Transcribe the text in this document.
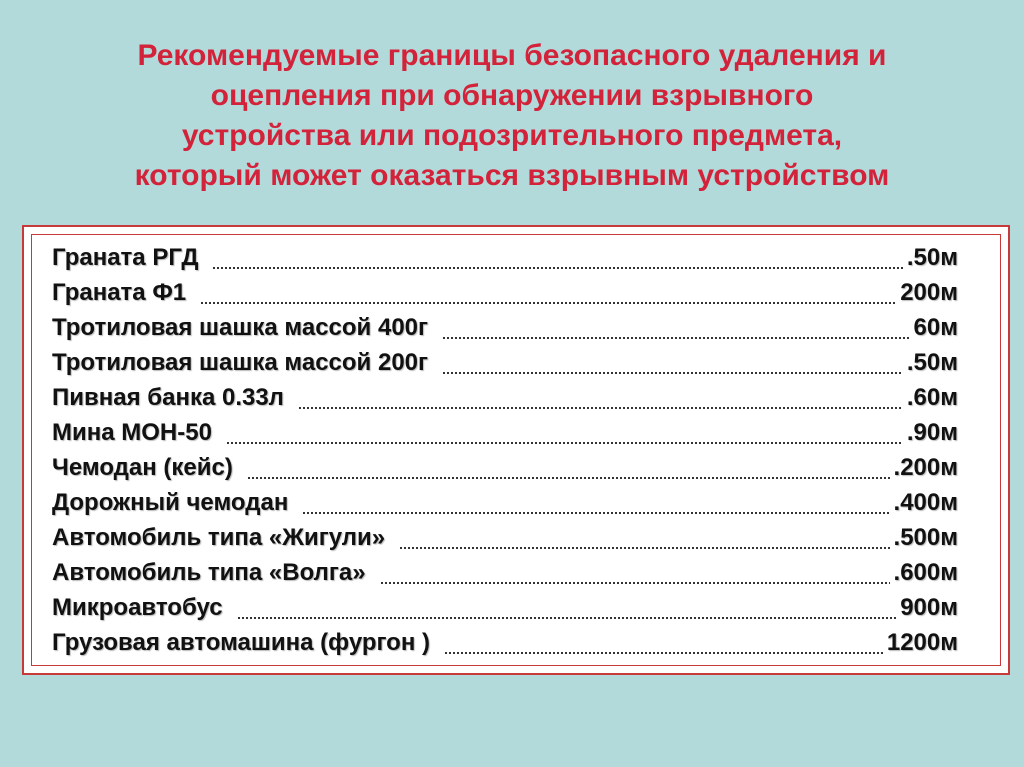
Рекомендуемые границы безопасного удаления и
оцепления при обнаружении взрывного
устройства или подозрительного предмета,
который может оказаться взрывным устройством
Граната РГД	.50м
Граната Ф1	200м
Тротиловая шашка массой 400г	60м
Тротиловая шашка массой 200г	.50м
Пивная банка 0.33л	.60м
Мина МОН-50	.90м
Чемодан (кейс)	.200м
Дорожный чемодан	.400м
Автомобиль типа «Жигули»	.500м
Автомобиль типа «Волга»	.600м
Микроавтобус	900м
Грузовая автомашина (фургон )	1200м
